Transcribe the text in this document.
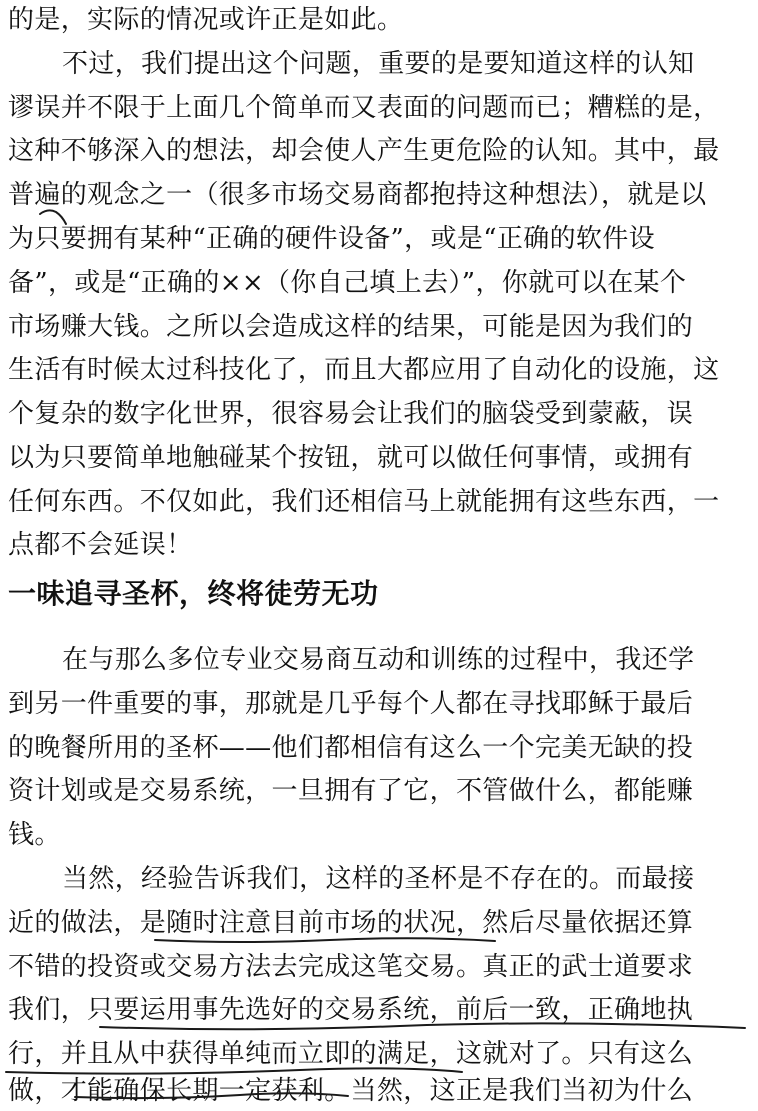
的是，实际的情况或许正是如此。
不过，我们提出这个问题，重要的是要知道这样的认知
谬误并不限于上面几个简单而又表面的问题而已；糟糕的是，
这种不够深入的想法，却会使人产生更危险的认知。其中，最
普遍的观念之一（很多市场交易商都抱持这种想法），就是以
为只要拥有某种“正确的硬件设备”，或是“正确的软件设
备”，或是“正确的××（你自己填上去）”，你就可以在某个
市场赚大钱。之所以会造成这样的结果，可能是因为我们的
生活有时候太过科技化了，而且大都应用了自动化的设施，这
个复杂的数字化世界，很容易会让我们的脑袋受到蒙蔽，误
以为只要简单地触碰某个按钮，就可以做任何事情，或拥有
任何东西。不仅如此，我们还相信马上就能拥有这些东西，一
点都不会延误！
一味追寻圣杯，终将徒劳无功
在与那么多位专业交易商互动和训练的过程中，我还学
到另一件重要的事，那就是几乎每个人都在寻找耶稣于最后
的晚餐所用的圣杯——他们都相信有这么一个完美无缺的投
资计划或是交易系统，一旦拥有了它，不管做什么，都能赚
钱。
当然，经验告诉我们，这样的圣杯是不存在的。而最接
近的做法，是随时注意目前市场的状况，然后尽量依据还算
不错的投资或交易方法去完成这笔交易。真正的武士道要求
我们，只要运用事先选好的交易系统，前后一致，正确地执
行，并且从中获得单纯而立即的满足，这就对了。只有这么
做，才能确保长期一定获利。当然，这正是我们当初为什么
